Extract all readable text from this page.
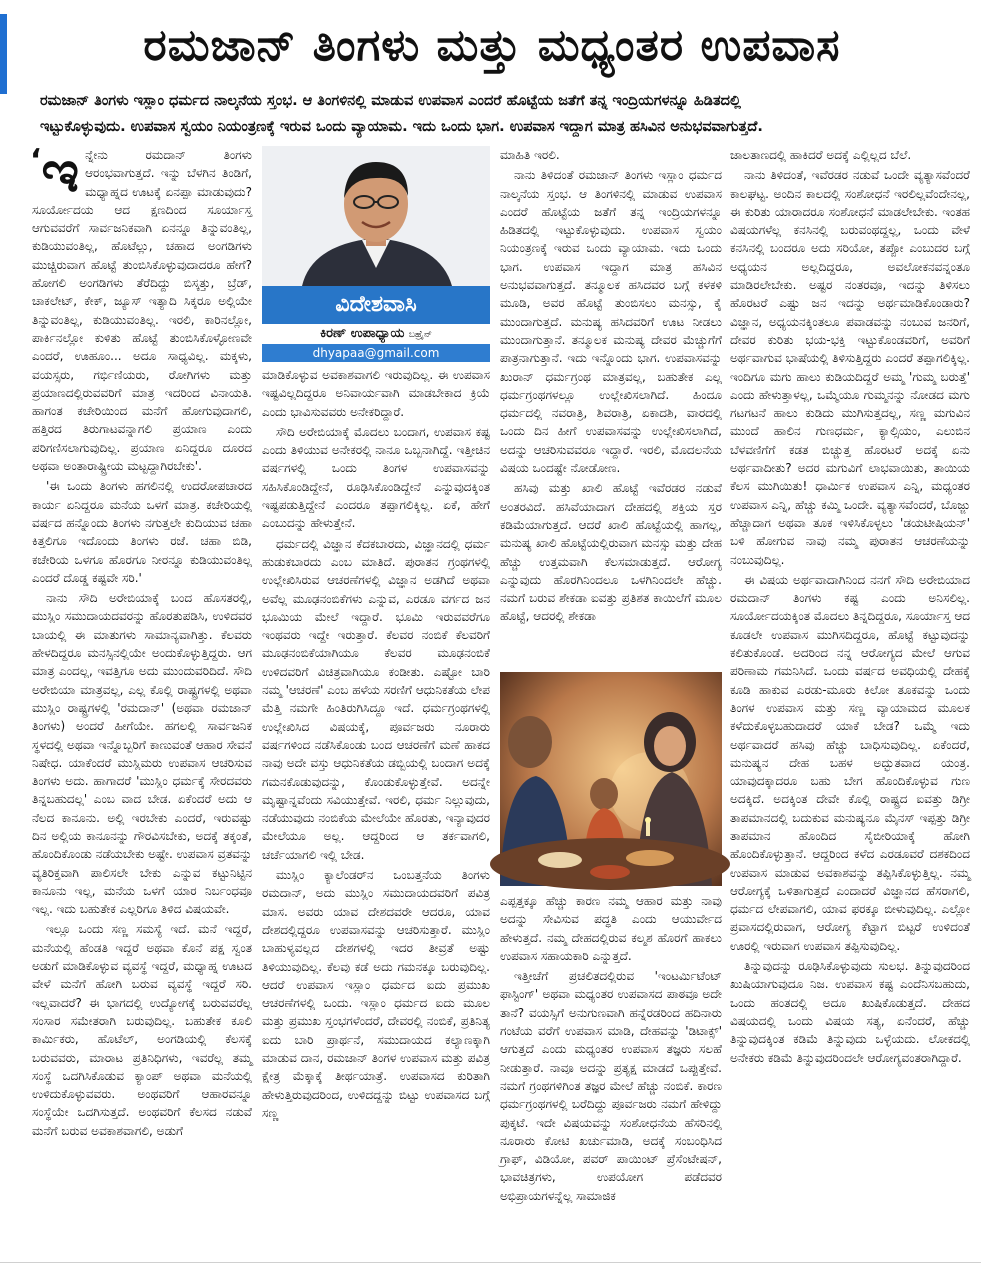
ರಮಜಾನ್ ತಿಂಗಳು ಮತ್ತು ಮಧ್ಯಂತರ ಉಪವಾಸ
ರಮಜಾನ್ ತಿಂಗಳು ಇಸ್ಲಾಂ ಧರ್ಮದ ನಾಲ್ಕನೆಯ ಸ್ತಂಭ. ಆ ತಿಂಗಳಿನಲ್ಲಿ ಮಾಡುವ ಉಪವಾಸ ಎಂದರೆ ಹೊಟ್ಟೆಯ ಜತೆಗೆ ತನ್ನ ಇಂದ್ರಿಯಗಳನ್ನೂ ಹಿಡಿತದಲ್ಲಿ
ಇಟ್ಟುಕೊಳ್ಳುವುದು. ಉಪವಾಸ ಸ್ವಯಂ ನಿಯಂತ್ರಣಕ್ಕೆ ಇರುವ ಒಂದು ವ್ಯಾಯಾಮ. ಇದು ಒಂದು ಭಾಗ. ಉಪವಾಸ ಇದ್ದಾಗ ಮಾತ್ರ ಹಸಿವಿನ ಅನುಭವವಾಗುತ್ತದೆ.

‘ಇ ನ್ನೇನು ರಮದಾನ್ ತಿಂಗಳು ಆರಂಭವಾಗುತ್ತದೆ. ಇನ್ನು ಬೆಳಗಿನ ತಿಂಡಿಗೆ, ಮಧ್ಯಾಹ್ನದ ಊಟಕ್ಕೆ ಏನಪ್ಪಾ ಮಾಡುವುದು? ಸೂರ್ಯೋದಯ ಆದ ಕ್ಷಣದಿಂದ ಸೂರ್ಯಾಸ್ತ ಆಗುವವರೆಗೆ ಸಾರ್ವಜನಿಕವಾಗಿ ಏನನ್ನೂ ತಿನ್ನುವಂತಿಲ್ಲ, ಕುಡಿಯುವಂತಿಲ್ಲ, ಹೊಟೆಲ್ಲು, ಚಹಾದ ಅಂಗಡಿಗಳು ಮುಚ್ಚಿರುವಾಗ ಹೊಟ್ಟೆ ತುಂಬಿಸಿಕೊಳ್ಳುವುದಾದರೂ ಹೇಗೆ? ಹೋಗಲಿ ಅಂಗಡಿಗಳು ತೆರೆದಿದ್ದು ಬಿಸ್ಕತ್ತು, ಬ್ರೆಡ್, ಚಾಕಲೇಟ್, ಕೇಕ್, ಜ್ಯೂಸ್ ಇತ್ಯಾದಿ ಸಿಕ್ಕರೂ ಅಲ್ಲಿಯೇ ತಿನ್ನುವಂತಿಲ್ಲ, ಕುಡಿಯುವಂತಿಲ್ಲ. ಇರಲಿ, ಕಾರಿನಲ್ಲೋ, ಪಾರ್ಕಿನಲ್ಲೋ ಕುಳಿತು ಹೊಟ್ಟೆ ತುಂಬಿಸಿಕೊಳ್ಳೋಣವೇ ಎಂದರೆ, ಊಹೂಂ... ಅದೂ ಸಾಧ್ಯವಿಲ್ಲ. ಮಕ್ಕಳು, ವಯಸ್ಸರು, ಗರ್ಭಿಣಿಯರು, ರೋಗಿಗಳು ಮತ್ತು ಪ್ರಯಾಣದಲ್ಲಿರುವವರಿಗೆ ಮಾತ್ರ ಇದರಿಂದ ವಿನಾಯತಿ. ಹಾಗಂತ ಕಚೇರಿಯಿಂದ ಮನೆಗೆ ಹೋಗುವುದಾಗಲಿ, ಹತ್ತಿರದ ತಿರುಗಾಟವನ್ನಾಗಲಿ ಪ್ರಯಾಣ ಎಂದು ಪರಿಗಣಿಸಲಾಗುವುದಿಲ್ಲ. ಪ್ರಯಾಣ ಏನಿದ್ದರೂ ದೂರದ ಅಥವಾ ಅಂತಾರಾಷ್ಟ್ರೀಯ ಮಟ್ಟದ್ದಾಗಿರಬೇಕು'.

'ಈ ಒಂದು ತಿಂಗಳು ಹಗಲಿನಲ್ಲಿ ಉದರೋಪಚಾರದ ಕಾರ್ಯ ಏನಿದ್ದರೂ ಮನೆಯ ಒಳಗೆ ಮಾತ್ರ. ಕಚೇರಿಯಲ್ಲಿ ವರ್ಷದ ಹನ್ನೊಂದು ತಿಂಗಳು ನಗುತ್ತಲೇ ಕುದಿಯುವ ಚಹಾ ಕಿತ್ತಲಿಗೂ ಇದೊಂದು ತಿಂಗಳು ರಜೆ. ಚಹಾ ಬಿಡಿ, ಕಚೇರಿಯ ಒಳಗೂ ಹೊರಗೂ ನೀರನ್ನೂ ಕುಡಿಯುವಂತಿಲ್ಲ ಎಂದರೆ ದೊಡ್ಡ ಕಷ್ಟವೇ ಸರಿ.'

ನಾನು ಸೌದಿ ಅರೇಬಿಯಾಕ್ಕೆ ಬಂದ ಹೊಸತರಲ್ಲಿ, ಮುಸ್ಲಿಂ ಸಮುದಾಯದವರನ್ನು ಹೊರತುಪಡಿಸಿ, ಉಳಿದವರ ಬಾಯಲ್ಲಿ ಈ ಮಾತುಗಳು ಸಾಮಾನ್ಯವಾಗಿತ್ತು. ಕೆಲವರು ಹೇಳದಿದ್ದರೂ ಮನಸ್ಸಿನಲ್ಲಿಯೇ ಅಂದುಕೊಳ್ಳುತ್ತಿದ್ದರು. ಆಗ ಮಾತ್ರ ಎಂದಲ್ಲ, ಇವತ್ತಿಗೂ ಅದು ಮುಂದುವರಿದಿದೆ. ಸೌದಿ ಅರೇಬಿಯಾ ಮಾತ್ರವಲ್ಲ, ಎಲ್ಲ ಕೊಲ್ಲಿ ರಾಷ್ಟ್ರಗಳಲ್ಲಿ ಅಥವಾ ಮುಸ್ಲಿಂ ರಾಷ್ಟ್ರಗಳಲ್ಲಿ 'ರಮದಾನ್' (ಅಥವಾ ರಮಜಾನ್ ತಿಂಗಳು) ಅಂದರೆ ಹೀಗೆಯೇ. ಹಗಲಲ್ಲಿ ಸಾರ್ವಜನಿಕ ಸ್ಥಳದಲ್ಲಿ ಅಥವಾ ಇನ್ನೊಬ್ಬರಿಗೆ ಕಾಣುವಂತೆ ಆಹಾರ ಸೇವನೆ ನಿಷೇಧ. ಯಾಕೆಂದರೆ ಮುಸ್ಲಿಮರು ಉಪವಾಸ ಆಚರಿಸುವ ತಿಂಗಳು ಅದು. ಹಾಗಾದರೆ 'ಮುಸ್ಲಿಂ ಧರ್ಮಕ್ಕೆ ಸೇರದವರು ತಿನ್ನಬಹುದಲ್ಲ' ಎಂಬ ವಾದ ಬೇಡ. ಏಕೆಂದರೆ ಅದು ಆ ನೆಲದ ಕಾನೂನು. ಅಲ್ಲಿ ಇರಬೇಕು ಎಂದರೆ, ಇರುವಷ್ಟು ದಿನ ಅಲ್ಲಿಯ ಕಾನೂನನ್ನು ಗೌರವಿಸಬೇಕು, ಅದಕ್ಕೆ ತಕ್ಕಂತೆ, ಹೊಂದಿಕೊಂಡು ನಡೆಯಬೇಕು ಅಷ್ಟೇ. ಉಪವಾಸ ವ್ರತವನ್ನು ವ್ಯತಿರಿಕ್ತವಾಗಿ ಪಾಲಿಸಲೇ ಬೇಕು ಎನ್ನುವ ಕಟ್ಟುನಿಟ್ಟಿನ ಕಾನೂನು ಇಲ್ಲ, ಮನೆಯ ಒಳಗೆ ಯಾರ ನಿರ್ಬಂಧವೂ ಇಲ್ಲ. ಇದು ಬಹುತೇಕ ಎಲ್ಲರಿಗೂ ತಿಳಿದ ವಿಷಯವೇ.

ಇಲ್ಲೂ ಒಂದು ಸಣ್ಣ ಸಮಸ್ಯೆ ಇದೆ. ಮನೆ ಇದ್ದರೆ, ಮನೆಯಲ್ಲಿ ಹೆಂಡತಿ ಇದ್ದರೆ ಅಥವಾ ಕೊನೆ ಪಕ್ಷ ಸ್ವಂತ ಅಡುಗೆ ಮಾಡಿಕೊಳ್ಳುವ ವ್ಯವಸ್ಥೆ ಇದ್ದರೆ, ಮಧ್ಯಾಹ್ನ ಊಟದ ವೇಳೆ ಮನೆಗೆ ಹೋಗಿ ಬರುವ ವ್ಯವಸ್ಥೆ ಇದ್ದರೆ ಸರಿ. ಇಲ್ಲವಾದರೆ? ಈ ಭಾಗದಲ್ಲಿ ಉದ್ಯೋಗಕ್ಕೆ ಬರುವವರೆಲ್ಲ ಸಂಸಾರ ಸಮೇತರಾಗಿ ಬರುವುದಿಲ್ಲ. ಬಹುತೇಕ ಕೂಲಿ ಕಾರ್ಮಿಕರು, ಹೊಟೆಲ್, ಅಂಗಡಿಯಲ್ಲಿ ಕೆಲಸಕ್ಕೆ ಬರುವವರು, ಮಾರಾಟ ಪ್ರತಿನಿಧಿಗಳು, ಇವರೆಲ್ಲ ತಮ್ಮ ಸಂಸ್ಥೆ ಒದಗಿಸಿಕೊಡುವ ಕ್ಯಾಂಪ್ ಅಥವಾ ಮನೆಯಲ್ಲಿ ಉಳಿದುಕೊಳ್ಳುವವರು. ಅಂಥವರಿಗೆ ಆಹಾರವನ್ನೂ ಸಂಸ್ಥೆಯೇ ಒದಗಿಸುತ್ತದೆ. ಅಂಥವರಿಗೆ ಕೆಲಸದ ನಡುವೆ ಮನೆಗೆ ಬರುವ ಅವಕಾಶವಾಗಲಿ, ಅಡುಗೆ

ವಿದೇಶವಾಸಿ
ಕಿರಣ್ ಉಪಾಧ್ಯಾಯ ಬಹ್ರೈನ್
dhyapaa@gmail.com

ಮಾಡಿಕೊಳ್ಳುವ ಅವಕಾಶವಾಗಲಿ ಇರುವುದಿಲ್ಲ. ಈ ಉಪವಾಸ ಇಷ್ಟವಿಲ್ಲದಿದ್ದರೂ ಅನಿವಾರ್ಯವಾಗಿ ಮಾಡಬೇಕಾದ ಕ್ರಿಯೆ ಎಂದು ಭಾವಿಸುವವರು ಅನೇಕರಿದ್ದಾರೆ.

ಸೌದಿ ಅರೇಬಿಯಾಕ್ಕೆ ಮೊದಲು ಬಂದಾಗ, ಉಪವಾಸ ಕಷ್ಟ ಎಂದು ತಿಳಿಯುವ ಅನೇಕರಲ್ಲಿ ನಾನೂ ಒಬ್ಬನಾಗಿದ್ದೆ. ಇತ್ತೀಚಿನ ವರ್ಷಗಳಲ್ಲಿ ಒಂದು ತಿಂಗಳ ಉಪವಾಸವನ್ನು ಸಹಿಸಿಕೊಂಡಿದ್ದೇನೆ, ರೂಢಿಸಿಕೊಂಡಿದ್ದೇನೆ ಎನ್ನುವುದಕ್ಕಿಂತ ಇಷ್ಟಪಡುತ್ತಿದ್ದೇನೆ ಎಂದರೂ ತಪ್ಪಾಗಲಿಕ್ಕಿಲ್ಲ. ಏಕೆ, ಹೇಗೆ ಎಂಬುದನ್ನು ಹೇಳುತ್ತೇನೆ.

ಧರ್ಮದಲ್ಲಿ ವಿಜ್ಞಾನ ಕೆದಕಬಾರದು, ವಿಜ್ಞಾನದಲ್ಲಿ ಧರ್ಮ ಹುಡುಕಬಾರದು ಎಂಬ ಮಾತಿದೆ. ಪುರಾತನ ಗ್ರಂಥಗಳಲ್ಲಿ ಉಲ್ಲೇಖಿಸಿರುವ ಆಚರಣೆಗಳಲ್ಲಿ ವಿಜ್ಞಾನ ಅಡಗಿದೆ ಅಥವಾ ಅವೆಲ್ಲ ಮೂಢನಂಬಿಕೆಗಳು ಎನ್ನುವ, ಎರಡೂ ವರ್ಗದ ಜನ ಭೂಮಿಯ ಮೇಲೆ ಇದ್ದಾರೆ. ಭೂಮಿ ಇರುವವರೆಗೂ ಇಂಥವರು ಇದ್ದೇ ಇರುತ್ತಾರೆ. ಕೆಲವರ ನಂಬಿಕೆ ಕೆಲವರಿಗೆ ಮೂಢನಂಬಿಕೆಯಾಗಿಯೂ ಕೆಲವರ ಮೂಢನಂಬಿಕೆ ಉಳಿದವರಿಗೆ ವಿಚಿತ್ರವಾಗಿಯೂ ಕಂಡೀತು. ಎಷ್ಟೋ ಬಾರಿ ನಮ್ಮ 'ಆಚರಣೆ' ಎಂಬ ಹಳೆಯ ಸರಣಿಗೆ ಆಧುನಿಕತೆಯ ಲೇಪ ಮೆತ್ತಿ ನಮಗೇ ಹಿಂತಿರುಗಿಸಿದ್ದೂ ಇದೆ. ಧರ್ಮಗ್ರಂಥಗಳಲ್ಲಿ ಉಲ್ಲೇಖಿಸಿದ ವಿಷಯಕ್ಕೆ, ಪೂರ್ವಜರು ನೂರಾರು ವರ್ಷಗಳಿಂದ ನಡೆಸಿಕೊಂಡು ಬಂದ ಆಚರಣೆಗೆ ಮಣೆ ಹಾಕದ ನಾವು ಅದೇ ವಸ್ತು ಆಧುನಿಕತೆಯ ಡಬ್ಬಿಯಲ್ಲಿ ಬಂದಾಗ ಅದಕ್ಕೆ ಗಮನಕೊಡುವುದನ್ನು, ಕೊಂಡುಕೊಳ್ಳುತ್ತೇವೆ. ಅದನ್ನೇ ಮೃಷ್ಟಾನ್ನವೆಂದು ಸವಿಯುತ್ತೇವೆ. ಇರಲಿ, ಧರ್ಮ ನಿಲ್ಲುವುದು, ನಡೆಯುವುದು ನಂಬಿಕೆಯ ಮೇಲೆಯೇ ಹೊರತು, ಇನ್ಯಾವುದರ ಮೇಲೆಯೂ ಅಲ್ಲ. ಆದ್ದರಿಂದ ಆ ತರ್ಕವಾಗಲಿ, ಚರ್ಚೆಯಾಗಲಿ ಇಲ್ಲಿ ಬೇಡ.

ಮುಸ್ಲಿಂ ಕ್ಯಾಲೆಂಡರ್‌ನ ಒಂಬತ್ತನೆಯ ತಿಂಗಳು ರಮದಾನ್, ಅದು ಮುಸ್ಲಿಂ ಸಮುದಾಯದವರಿಗೆ ಪವಿತ್ರ ಮಾಸ. ಅವರು ಯಾವ ದೇಶದವರೇ ಆದರೂ, ಯಾವ ದೇಶದಲ್ಲಿದ್ದರೂ ಉಪವಾಸವನ್ನು ಆಚರಿಸುತ್ತಾರೆ. ಮುಸ್ಲಿಂ ಬಾಹುಳ್ಯವಲ್ಲದ ದೇಶಗಳಲ್ಲಿ ಇದರ ತೀವ್ರತೆ ಅಷ್ಟು ತಿಳಿಯುವುದಿಲ್ಲ. ಕೆಲವು ಕಡೆ ಅದು ಗಮನಕ್ಕೂ ಬರುವುದಿಲ್ಲ. ಆದರೆ ಉಪವಾಸ ಇಸ್ಲಾಂ ಧರ್ಮದ ಐದು ಪ್ರಮುಖ ಆಚರಣೆಗಳಲ್ಲಿ ಒಂದು. ಇಸ್ಲಾಂ ಧರ್ಮದ ಐದು ಮೂಲ ಮತ್ತು ಪ್ರಮುಖ ಸ್ತಂಭಗಳೆಂದರೆ, ದೇವರಲ್ಲಿ ನಂಬಿಕೆ, ಪ್ರತಿನಿತ್ಯ ಐದು ಬಾರಿ ಪ್ರಾರ್ಥನೆ, ಸಮುದಾಯದ ಕಲ್ಯಾಣಕ್ಕಾಗಿ ಮಾಡುವ ದಾನ, ರಮಜಾನ್ ತಿಂಗಳ ಉಪವಾಸ ಮತ್ತು ಪವಿತ್ರ ಕ್ಷೇತ್ರ ಮೆಕ್ಕಾಕ್ಕೆ ತೀರ್ಥಯಾತ್ರೆ. ಉಪವಾಸದ ಕುರಿತಾಗಿ ಹೇಳುತ್ತಿರುವುದರಿಂದ, ಉಳಿದದ್ದನ್ನು ಬಿಟ್ಟು ಉಪವಾಸದ ಬಗ್ಗೆ ಸಣ್ಣ

ಮಾಹಿತಿ ಇರಲಿ.

ನಾನು ತಿಳಿದಂತೆ ರಮಜಾನ್ ತಿಂಗಳು ಇಸ್ಲಾಂ ಧರ್ಮದ ನಾಲ್ಕನೆಯ ಸ್ತಂಭ. ಆ ತಿಂಗಳಿನಲ್ಲಿ ಮಾಡುವ ಉಪವಾಸ ಎಂದರೆ ಹೊಟ್ಟೆಯ ಜತೆಗೆ ತನ್ನ ಇಂದ್ರಿಯಗಳನ್ನೂ ಹಿಡಿತದಲ್ಲಿ ಇಟ್ಟುಕೊಳ್ಳುವುದು. ಉಪವಾಸ ಸ್ವಯಂ ನಿಯಂತ್ರಣಕ್ಕೆ ಇರುವ ಒಂದು ವ್ಯಾಯಾಮ. ಇದು ಒಂದು ಭಾಗ. ಉಪವಾಸ ಇದ್ದಾಗ ಮಾತ್ರ ಹಸಿವಿನ ಅನುಭವವಾಗುತ್ತದೆ. ತನ್ಮೂಲಕ ಹಸಿದವರ ಬಗ್ಗೆ ಕಳಕಳಿ ಮೂಡಿ, ಅವರ ಹೊಟ್ಟೆ ತುಂಬಿಸಲು ಮನಸ್ಸು, ಕೈ ಮುಂದಾಗುತ್ತದೆ. ಮನುಷ್ಯ ಹಸಿದವರಿಗೆ ಊಟ ನೀಡಲು ಮುಂದಾಗುತ್ತಾನೆ. ತನ್ಮೂಲಕ ಮನುಷ್ಯ ದೇವರ ಮೆಚ್ಚುಗೆಗೆ ಪಾತ್ರನಾಗುತ್ತಾನೆ. ಇದು ಇನ್ನೊಂದು ಭಾಗ. ಉಪವಾಸವನ್ನು ಖುರಾನ್ ಧರ್ಮಗ್ರಂಥ ಮಾತ್ರವಲ್ಲ, ಬಹುತೇಕ ಎಲ್ಲ ಧರ್ಮಗ್ರಂಥಗಳಲ್ಲೂ ಉಲ್ಲೇಖಿಸಲಾಗಿದೆ. ಹಿಂದೂ ಧರ್ಮದಲ್ಲಿ ನವರಾತ್ರಿ, ಶಿವರಾತ್ರಿ, ಏಕಾದಶಿ, ವಾರದಲ್ಲಿ ಒಂದು ದಿನ ಹೀಗೆ ಉಪವಾಸವನ್ನು ಉಲ್ಲೇಖಿಸಲಾಗಿದೆ, ಅದನ್ನು ಆಚರಿಸುವವರೂ ಇದ್ದಾರೆ. ಇರಲಿ, ಮೊದಲನೆಯ ವಿಷಯ ಒಂದಷ್ಟೇ ನೋಡೋಣ.

ಹಸಿವು ಮತ್ತು ಖಾಲಿ ಹೊಟ್ಟೆ ಇವೆರಡರ ನಡುವೆ ಅಂತರವಿದೆ. ಹಸಿವೆಯಾದಾಗ ದೇಹದಲ್ಲಿ ಶಕ್ತಿಯ ಸ್ತರ ಕಡಿಮೆಯಾಗುತ್ತದೆ. ಆದರೆ ಖಾಲಿ ಹೊಟ್ಟೆಯಲ್ಲಿ ಹಾಗಲ್ಲ, ಮನುಷ್ಯ ಖಾಲಿ ಹೊಟ್ಟೆಯಲ್ಲಿರುವಾಗ ಮನಸ್ಸು ಮತ್ತು ದೇಹ ಹೆಚ್ಚು ಉತ್ತಮವಾಗಿ ಕೆಲಸಮಾಡುತ್ತದೆ. ಆರೋಗ್ಯ ಎನ್ನುವುದು ಹೊರಗಿನಿಂದಲೂ ಒಳಗಿನಿಂದಲೇ ಹೆಚ್ಚು. ನಮಗೆ ಬರುವ ಶೇಕಡಾ ಐವತ್ತು ಪ್ರತಿಶತ ಕಾಯಿಲೆಗೆ ಮೂಲ ಹೊಟ್ಟೆ, ಆದರಲ್ಲಿ ಶೇಕಡಾ

ಎಪ್ಪತ್ತಕ್ಕೂ ಹೆಚ್ಚು ಕಾರಣ ನಮ್ಮ ಆಹಾರ ಮತ್ತು ನಾವು ಅದನ್ನು ಸೇವಿಸುವ ಪದ್ಧತಿ ಎಂದು ಆಯುರ್ವೇದ ಹೇಳುತ್ತದೆ. ನಮ್ಮ ದೇಹದಲ್ಲಿರುವ ಕಲ್ಮಶ ಹೊರಗೆ ಹಾಕಲು ಉಪವಾಸ ಸಹಾಯಕಾರಿ ಎನ್ನುತ್ತದೆ.

ಇತ್ತೀಚೆಗೆ ಪ್ರಚಲಿತದಲ್ಲಿರುವ 'ಇಂಟರ್ಮಿಟೆಂಟ್ ಫಾಸ್ಟಿಂಗ್' ಅಥವಾ ಮಧ್ಯಂತರ ಉಪವಾಸದ ಪಾಠವೂ ಅದೇ ತಾನೆ? ವಯಸ್ಸಿಗೆ ಅನುಗುಣವಾಗಿ ಹನ್ನೆರಡರಿಂದ ಹದಿನಾರು ಗಂಟೆಯ ವರೆಗೆ ಉಪವಾಸ ಮಾಡಿ, ದೇಹವನ್ನು 'ಡಿಟಾಕ್ಸ್' ಆಗುತ್ತದೆ ಎಂದು ಮಧ್ಯಂತರ ಉಪವಾಸ ತಜ್ಞರು ಸಲಹೆ ನೀಡುತ್ತಾರೆ. ನಾವೂ ಅದನ್ನು ಪ್ರತ್ಯಕ್ಷ ಮಾಡದೆ ಒಪ್ಪುತ್ತೇವೆ. ನಮಗೆ ಗ್ರಂಥಗಳಿಗಿಂತ ತಜ್ಞರ ಮೇಲೆ ಹೆಚ್ಚು ನಂಬಿಕೆ. ಕಾರಣ ಧರ್ಮಗ್ರಂಥಗಳಲ್ಲಿ ಬರೆದಿದ್ದು ಪೂರ್ವಜರು ನಮಗೆ ಹೇಳಿದ್ದು ಪುಕ್ಕಟೆ. ಇದೇ ವಿಷಯವನ್ನು ಸಂಶೋಧನೆಯ ಹೆಸರಿನಲ್ಲಿ ನೂರಾರು ಕೋಟಿ ಖರ್ಚುಮಾಡಿ, ಅದಕ್ಕೆ ಸಂಬಂಧಿಸಿದ ಗ್ರಾಫ್, ವಿಡಿಯೋ, ಪವರ್ ಪಾಯಿಂಟ್ ಪ್ರೆಸೆಂಟೇಷನ್, ಭಾವಚಿತ್ರಗಳು, ಉಪಯೋಗ ಪಡೆದವರ ಅಭಿಪ್ರಾಯಗಳನ್ನೆಲ್ಲ ಸಾಮಾಜಿಕ

ಜಾಲತಾಣದಲ್ಲಿ ಹಾಕಿದರೆ ಅದಕ್ಕೆ ಎಲ್ಲಿಲ್ಲದ ಬೆಲೆ.

ನಾನು ತಿಳಿದಂತೆ, ಇವೆರಡರ ನಡುವೆ ಒಂದೇ ವ್ಯತ್ಯಾಸವೆಂದರೆ ಕಾಲಘಟ್ಟ. ಅಂದಿನ ಕಾಲದಲ್ಲಿ ಸಂಶೋಧನೆ ಇರಲಿಲ್ಲವೆಂದೇನಲ್ಲ, ಈ ಕುರಿತು ಯಾರಾದರೂ ಸಂಶೋಧನೆ ಮಾಡಲೇಬೇಕು. ಇಂತಹ ವಿಷಯಗಳೆಲ್ಲ ಕನಸಿನಲ್ಲಿ ಬರುವಂಥದ್ದಲ್ಲ, ಒಂದು ವೇಳೆ ಕನಸಿನಲ್ಲಿ ಬಂದರೂ ಅದು ಸರಿಯೋ, ತಪ್ಪೋ ಎಂಬುದರ ಬಗ್ಗೆ ಅಧ್ಯಯನ ಅಲ್ಲದಿದ್ದರೂ, ಅವಲೋಕನವನ್ನಂತೂ ಮಾಡಿರಲೇಬೇಕು. ಅಷ್ಟರ ನಂತರವೂ, ಇದನ್ನು ತಿಳಿಸಲು ಹೊರಟರೆ ಎಷ್ಟು ಜನ ಇದನ್ನು ಅರ್ಥಮಾಡಿಕೊಂಡಾರು? ವಿಜ್ಞಾನ, ಅಧ್ಯಯನಕ್ಕಿಂತಲೂ ಪವಾಡವನ್ನು ನಂಬುವ ಜನರಿಗೆ, ದೇವರ ಕುರಿತು ಭಯ-ಭಕ್ತಿ ಇಟ್ಟುಕೊಂಡವರಿಗೆ, ಅವರಿಗೆ ಅರ್ಥವಾಗುವ ಭಾಷೆಯಲ್ಲಿ ತಿಳಿಸುತ್ತಿದ್ದರು ಎಂದರೆ ತಪ್ಪಾಗಲಿಕ್ಕಿಲ್ಲ. ಇಂದಿಗೂ ಮಗು ಹಾಲು ಕುಡಿಯದಿದ್ದರೆ ಅಮ್ಮ 'ಗುಮ್ಮ ಬರುತ್ತೆ' ಎಂದು ಹೇಳುತ್ತಾಳಲ್ಲ, ಒಮ್ಮೆಯೂ ಗುಮ್ಮನನ್ನು ನೋಡದ ಮಗು ಗಟಗಟನೆ ಹಾಲು ಕುಡಿದು ಮುಗಿಸುತ್ತದಲ್ಲ, ಸಣ್ಣ ಮಗುವಿನ ಮುಂದೆ ಹಾಲಿನ ಗುಣಧರ್ಮ, ಕ್ಯಾಲ್ಸಿಯಂ, ಎಲುಬಿನ ಬೆಳವಣಿಗೆಗೆ ಕಡತ ಬಿಚ್ಚುತ್ತ ಹೊರಟರೆ ಅದಕ್ಕೆ ಏನು ಅರ್ಥವಾದೀತು? ಅದರ ಮಗುವಿಗೆ ಲಾಭವಾಯಿತು, ತಾಯಿಯ ಕೆಲಸ ಮುಗಿಯಿತು! ಧಾರ್ಮಿಕ ಉಪವಾಸ ಎನ್ನಿ, ಮಧ್ಯಂತರ ಉಪವಾಸ ಎನ್ನಿ, ಹೆಚ್ಚು ಕಮ್ಮಿ ಒಂದೇ. ವ್ಯತ್ಯಾಸವೆಂದರೆ, ಬೊಜ್ಜು ಹೆಚ್ಚಾದಾಗ ಅಥವಾ ತೂಕ ಇಳಿಸಿಕೊಳ್ಳಲು 'ಡಯಟೀಷಿಯನ್' ಬಳಿ ಹೋಗುವ ನಾವು ನಮ್ಮ ಪುರಾತನ ಆಚರಣೆಯನ್ನು ನಂಬುವುದಿಲ್ಲ.

ಈ ವಿಷಯ ಅರ್ಥವಾದಾಗಿನಿಂದ ನನಗೆ ಸೌದಿ ಅರೇಬಿಯಾದ ರಮದಾನ್ ತಿಂಗಳು ಕಷ್ಟ ಎಂದು ಅನಿಸಲಿಲ್ಲ. ಸೂರ್ಯೋದಯಕ್ಕಿಂತ ಮೊದಲು ತಿನ್ನದಿದ್ದರೂ, ಸೂರ್ಯಾಸ್ತ ಆದ ಕೂಡಲೇ ಉಪವಾಸ ಮುಗಿಸದಿದ್ದರೂ, ಹೊಟ್ಟೆ ಕಟ್ಟುವುದನ್ನು ಕಲಿತುಕೊಂಡೆ. ಅದರಿಂದ ನನ್ನ ಆರೋಗ್ಯದ ಮೇಲೆ ಆಗುವ ಪರಿಣಾಮ ಗಮನಿಸಿದೆ. ಒಂದು ವರ್ಷದ ಅವಧಿಯಲ್ಲಿ ದೇಹಕ್ಕೆ ಕೂಡಿ ಹಾಕುವ ಎರಡು-ಮೂರು ಕಿಲೋ ತೂಕವನ್ನು ಒಂದು ತಿಂಗಳ ಉಪವಾಸ ಮತ್ತು ಸಣ್ಣ ವ್ಯಾಯಾಮದ ಮೂಲಕ ಕಳೆದುಕೊಳ್ಳಬಹುದಾದರೆ ಯಾಕೆ ಬೇಡ? ಒಮ್ಮೆ ಇದು ಅರ್ಥವಾದರೆ ಹಸಿವು ಹೆಚ್ಚು ಬಾಧಿಸುವುದಿಲ್ಲ. ಏಕೆಂದರೆ, ಮನುಷ್ಯನ ದೇಹ ಬಹಳ ಅದ್ಭುತವಾದ ಯಂತ್ರ. ಯಾವುದಕ್ಕಾದರೂ ಬಹು ಬೇಗ ಹೊಂದಿಕೊಳ್ಳುವ ಗುಣ ಅದಕ್ಕಿದೆ. ಅದಕ್ಕಿಂತ ದೇವೇ ಕೊಲ್ಲಿ ರಾಷ್ಟ್ರದ ಐವತ್ತು ಡಿಗ್ರೀ ತಾಪಮಾನದಲ್ಲಿ ಬದುಕುವ ಮನುಷ್ಯನೂ ಮೈನಸ್ ಇಪ್ಪತ್ತು ಡಿಗ್ರೀ ತಾಪಮಾನ ಹೊಂದಿದ ಸೈಬೀರಿಯಾಕ್ಕೆ ಹೋಗಿ ಹೊಂದಿಕೊಳ್ಳುತ್ತಾನೆ. ಆದ್ದರಿಂದ ಕಳೆದ ಎರಡೂವರೆ ದಶಕದಿಂದ ಉಪವಾಸ ಮಾಡುವ ಅವಕಾಶವನ್ನು ತಪ್ಪಿಸಿಕೊಳ್ಳುತ್ತಿಲ್ಲ. ನಮ್ಮ ಆರೋಗ್ಯಕ್ಕೆ ಒಳಿತಾಗುತ್ತದೆ ಎಂದಾದರೆ ವಿಜ್ಞಾನದ ಹೆಸರಾಗಲಿ, ಧರ್ಮದ ಲೇಪವಾಗಲಿ, ಯಾವ ಫರಕ್ಕೂ ಬೀಳುವುದಿಲ್ಲ. ಎಲ್ಲೋ ಪ್ರವಾಸದಲ್ಲಿರುವಾಗ, ಆರೋಗ್ಯ ಕೆಟ್ಟಾಗ ಬಿಟ್ಟರೆ ಉಳಿದಂತೆ ಊರಲ್ಲಿ ಇರುವಾಗ ಉಪವಾಸ ತಪ್ಪಿಸುವುದಿಲ್ಲ.

ತಿನ್ನುವುದನ್ನು ರೂಢಿಸಿಕೊಳ್ಳುವುದು ಸುಲಭ. ತಿನ್ನುವುದರಿಂದ ಖುಷಿಯಾಗುವುದೂ ನಿಜ. ಉಪವಾಸ ಕಷ್ಟ ಎಂದೆನಿಸಬಹುದು, ಒಂದು ಹಂತದಲ್ಲಿ ಅದೂ ಖುಷಿಕೊಡುತ್ತದೆ. ದೇಹದ ವಿಷಯದಲ್ಲಿ ಒಂದು ವಿಷಯ ಸತ್ಯ, ಏನೆಂದರೆ, ಹೆಚ್ಚು ತಿನ್ನುವುದಕ್ಕಿಂತ ಕಡಿಮೆ ತಿನ್ನುವುದು ಒಳ್ಳೆಯದು. ಲೋಕದಲ್ಲಿ ಅನೇಕರು ಕಡಿಮೆ ತಿನ್ನುವುದರಿಂದಲೇ ಆರೋಗ್ಯವಂತರಾಗಿದ್ದಾರೆ.
